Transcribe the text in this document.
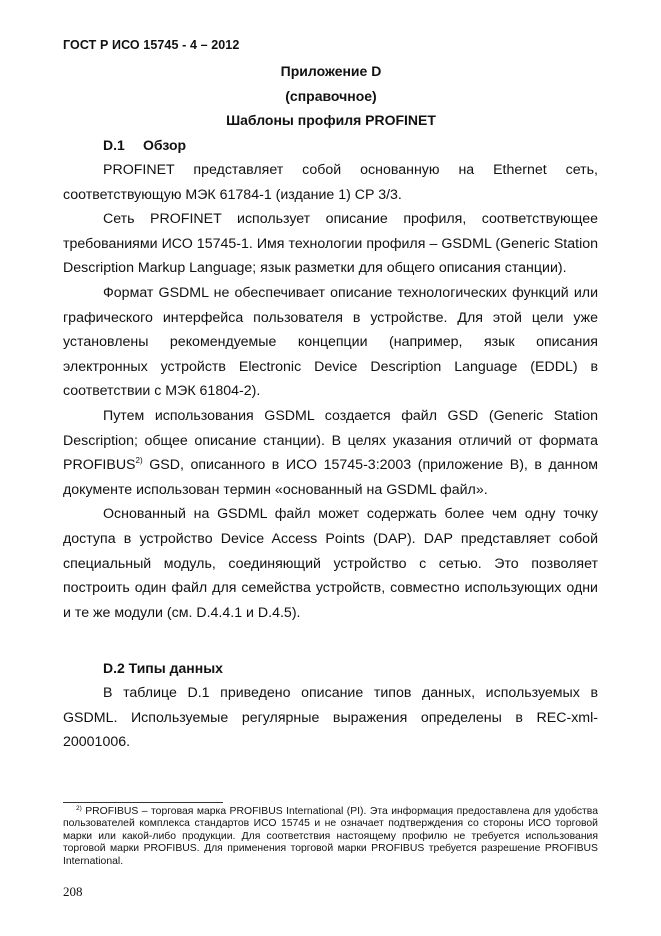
ГОСТ Р ИСО 15745 - 4 – 2012
Приложение D
(справочное)
Шаблоны профиля PROFINET
D.1 Обзор

PROFINET представляет собой основанную на Ethernet сеть, соответствующую МЭК 61784-1 (издание 1) CP 3/3.

Сеть PROFINET использует описание профиля, соответствующее требованиями ИСО 15745-1. Имя технологии профиля – GSDML (Generic Station Description Markup Language; язык разметки для общего описания станции).

Формат GSDML не обеспечивает описание технологических функций или графического интерфейса пользователя в устройстве. Для этой цели уже установлены рекомендуемые концепции (например, язык описания электронных устройств Electronic Device Description Language (EDDL) в соответствии с МЭК 61804-2).

Путем использования GSDML создается файл GSD (Generic Station Description; общее описание станции). В целях указания отличий от формата PROFIBUS$^{2)}$ GSD, описанного в ИСО 15745-3:2003 (приложение B), в данном документе использован термин «основанный на GSDML файл».

Основанный на GSDML файл может содержать более чем одну точку доступа в устройство Device Access Points (DAP). DAP представляет собой специальный модуль, соединяющий устройство с сетью. Это позволяет построить один файл для семейства устройств, совместно использующих одни и те же модули (см. D.4.4.1 и D.4.5).

D.2 Типы данных

В таблице D.1 приведено описание типов данных, используемых в GSDML. Используемые регулярные выражения определены в REC-xml-20001006.

$^{2)}$ PROFIBUS – торговая марка PROFIBUS International (PI). Эта информация предоставлена для удобства пользователей комплекса стандартов ИСО 15745 и не означает подтверждения со стороны ИСО торговой марки или какой-либо продукции. Для соответствия настоящему профилю не требуется использования торговой марки PROFIBUS. Для применения торговой марки PROFIBUS требуется разрешение PROFIBUS International.

208
